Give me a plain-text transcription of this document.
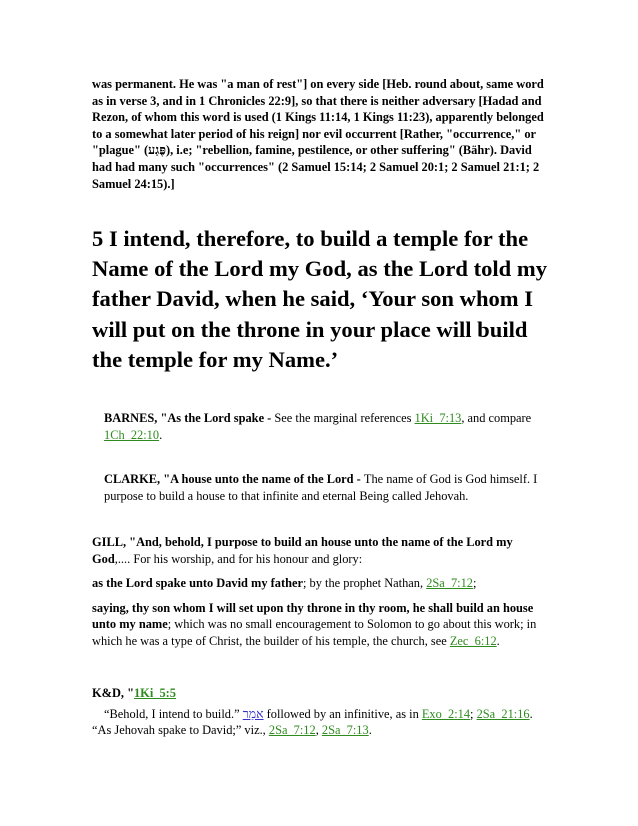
was permanent. He was "a man of rest"] on every side [Heb. round about, same word as in verse 3, and in 1 Chronicles 22:9], so that there is neither adversary [Hadad and Rezon, of whom this word is used (1 Kings 11:14, 1 Kings 11:23), apparently belonged to a somewhat later period of his reign] nor evil occurrent [Rather, "occurrence," or "plague" (פֶּגַע), i.e; "rebellion, famine, pestilence, or other suffering" (Bähr). David had had many such "occurrences" (2 Samuel 15:14; 2 Samuel 20:1; 2 Samuel 21:1; 2 Samuel 24:15).]
5 I intend, therefore, to build a temple for the Name of the Lord my God, as the Lord told my father David, when he said, ‘Your son whom I will put on the throne in your place will build the temple for my Name.’

BARNES, "As the Lord spake - See the marginal references 1Ki_7:13, and compare 1Ch_22:10.

CLARKE, "A house unto the name of the Lord - The name of God is God himself. I purpose to build a house to that infinite and eternal Being called Jehovah.

GILL, "And, behold, I purpose to build an house unto the name of the Lord my God,.... For his worship, and for his honour and glory:

as the Lord spake unto David my father; by the prophet Nathan, 2Sa_7:12;

saying, thy son whom I will set upon thy throne in thy room, he shall build an house unto my name; which was no small encouragement to Solomon to go about this work; in which he was a type of Christ, the builder of his temple, the church, see Zec_6:12.

K&D, "1Ki_5:5

“Behold, I intend to build.” אמַר followed by an infinitive, as in Exo_2:14; 2Sa_21:16.

“As Jehovah spake to David;” viz., 2Sa_7:12, 2Sa_7:13.
